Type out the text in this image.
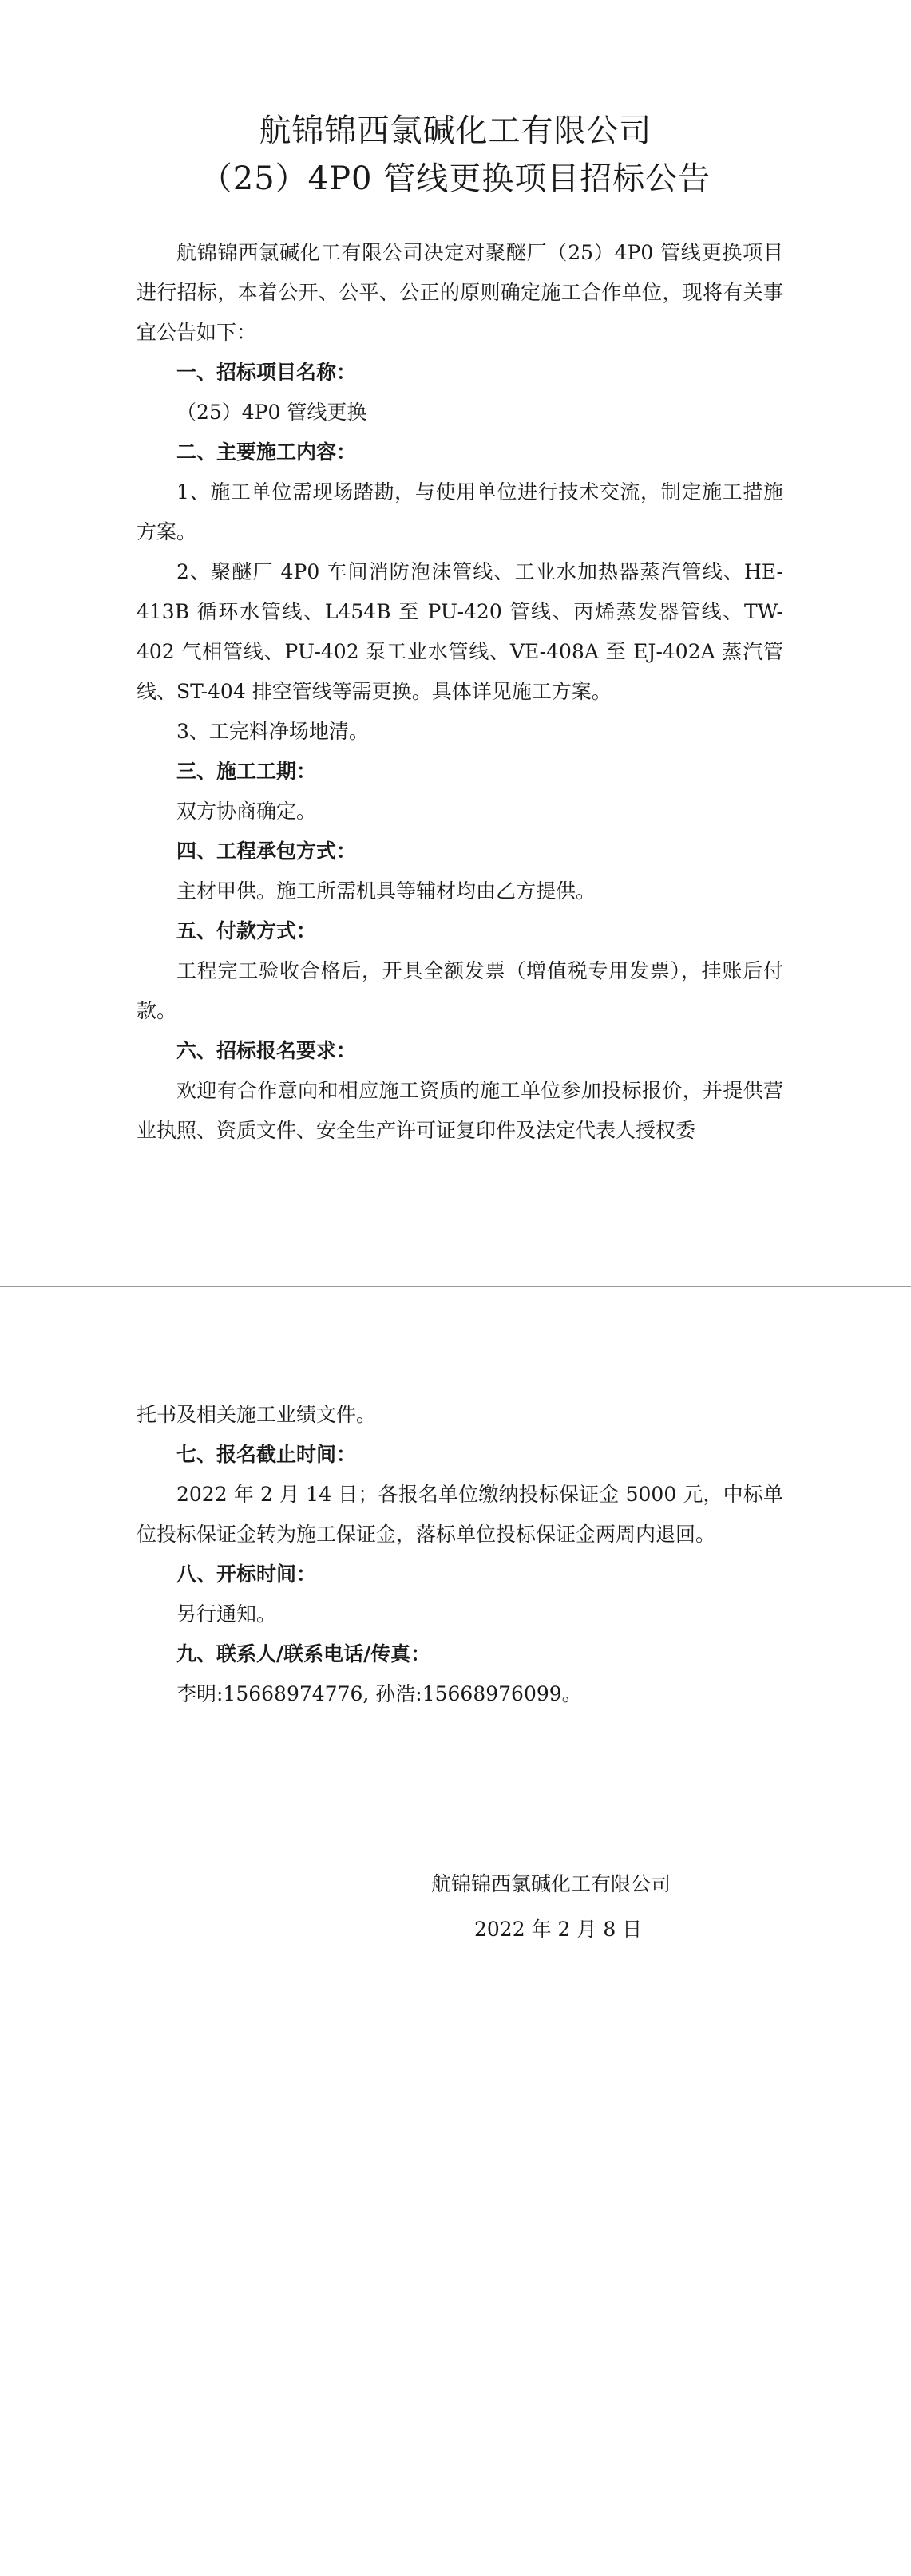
航锦锦西氯碱化工有限公司
（25）4P0 管线更换项目招标公告

航锦锦西氯碱化工有限公司决定对聚醚厂（25）4P0 管线更换项目进行招标，本着公开、公平、公正的原则确定施工合作单位，现将有关事宜公告如下：

一、招标项目名称：

（25）4P0 管线更换

二、主要施工内容：

1、施工单位需现场踏勘，与使用单位进行技术交流，制定施工措施方案。

2、聚醚厂 4P0 车间消防泡沫管线、工业水加热器蒸汽管线、HE-413B 循环水管线、L454B 至 PU-420 管线、丙烯蒸发器管线、TW-402 气相管线、PU-402 泵工业水管线、VE-408A 至 EJ-402A 蒸汽管线、ST-404 排空管线等需更换。具体详见施工方案。

3、工完料净场地清。

三、施工工期：

双方协商确定。

四、工程承包方式：

主材甲供。施工所需机具等辅材均由乙方提供。

五、付款方式：

工程完工验收合格后，开具全额发票（增值税专用发票），挂账后付款。

六、招标报名要求：

欢迎有合作意向和相应施工资质的施工单位参加投标报价，并提供营业执照、资质文件、安全生产许可证复印件及法定代表人授权委

托书及相关施工业绩文件。

七、报名截止时间：

2022 年 2 月 14 日；各报名单位缴纳投标保证金 5000 元，中标单位投标保证金转为施工保证金，落标单位投标保证金两周内退回。

八、开标时间：

另行通知。

九、联系人/联系电话/传真：

李明:15668974776, 孙浩:15668976099。

航锦锦西氯碱化工有限公司
2022 年 2 月 8 日
